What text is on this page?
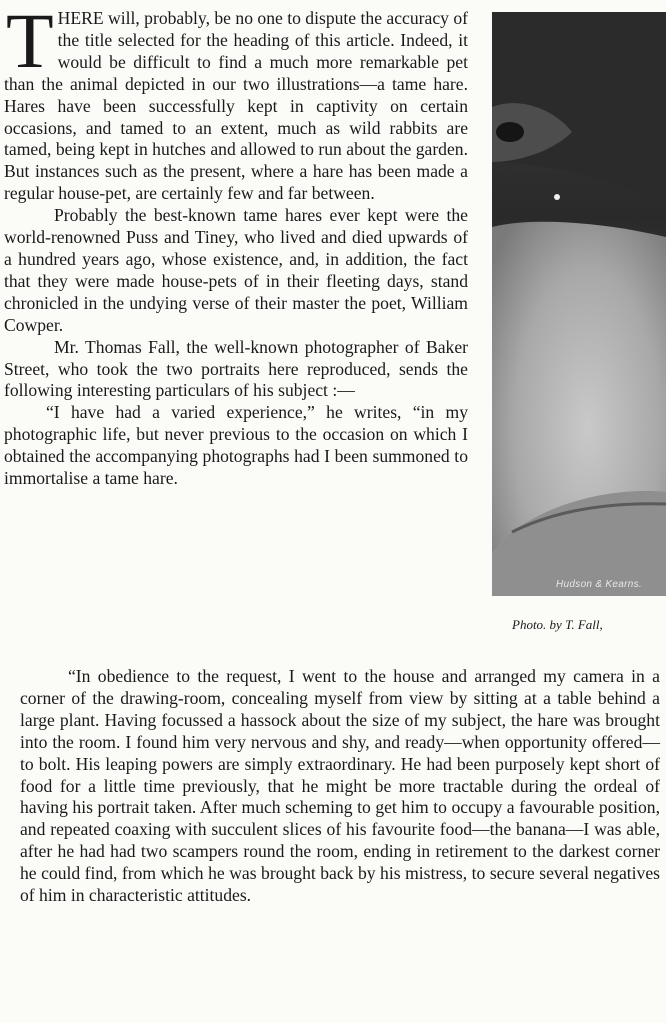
THERE will, probably, be no one to dispute the accuracy of the title selected for the heading of this article. Indeed, it would be difficult to find a much more remarkable pet than the animal depicted in our two illustrations—a tame hare. Hares have been successfully kept in captivity on certain occasions, and tamed to an extent, much as wild rabbits are tamed, being kept in hutches and allowed to run about the garden. But instances such as the present, where a hare has been made a regular house-pet, are certainly few and far between.

Probably the best-known tame hares ever kept were the world-renowned Puss and Tiney, who lived and died upwards of a hundred years ago, whose existence, and, in addition, the fact that they were made house-pets of in their fleeting days, stand chronicled in the undying verse of their master the poet, William Cowper.

Mr. Thomas Fall, the well-known photographer of Baker Street, who took the two portraits here reproduced, sends the following interesting particulars of his subject :—

“I have had a varied experience,” he writes, “in my photographic life, but never previous to the occasion on which I obtained the accompanying photographs had I been summoned to immortalise a tame hare.

Hudson & Kearns.
Photo. by T. Fall,

“In obedience to the request, I went to the house and arranged my camera in a corner of the drawing-room, concealing myself from view by sitting at a table behind a large plant. Having focussed a hassock about the size of my subject, the hare was brought into the room. I found him very nervous and shy, and ready—when opportunity offered—to bolt. His leaping powers are simply extraordinary. He had been purposely kept short of food for a little time previously, that he might be more tractable during the ordeal of having his portrait taken. After much scheming to get him to occupy a favourable position, and repeated coaxing with succulent slices of his favourite food—the banana—I was able, after he had had two scampers round the room, ending in retirement to the darkest corner he could find, from which he was brought back by his mistress, to secure several negatives of him in characteristic attitudes.
